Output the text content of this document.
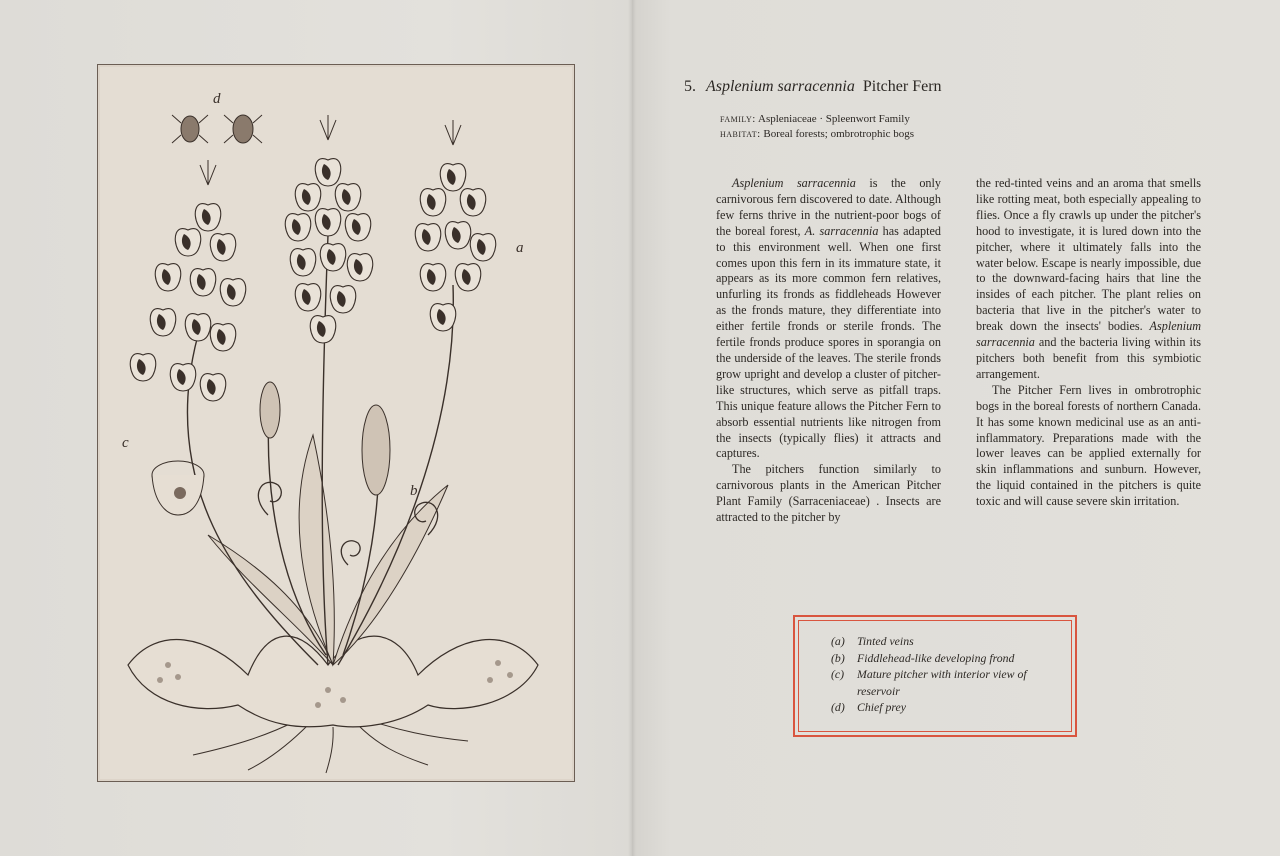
a
b
c
d
5. Asplenium sarracennia Pitcher Fern
family: Aspleniaceae · Spleenwort Family
habitat: Boreal forests; ombrotrophic bogs

Asplenium sarracennia is the only carnivorous fern discovered to date. Although few ferns thrive in the nutrient-poor bogs of the boreal forest, A. sarracennia has adapted to this environment well. When one first comes upon this fern in its immature state, it appears as its more common fern relatives, unfurling its fronds as fiddleheads However as the fronds mature, they differentiate into either fertile fronds or sterile fronds. The fertile fronds produce spores in sporangia on the underside of the leaves. The sterile fronds grow upright and develop a cluster of pitcher-like structures, which serve as pitfall traps. This unique feature allows the Pitcher Fern to absorb essential nutrients like nitrogen from the insects (typically flies) it attracts and captures.

The pitchers function similarly to carnivorous plants in the American Pitcher Plant Family (Sarraceniaceae) . Insects are attracted to the pitcher by

the red-tinted veins and an aroma that smells like rotting meat, both especially appealing to flies. Once a fly crawls up under the pitcher's hood to investigate, it is lured down into the pitcher, where it ultimately falls into the water below. Escape is nearly impossible, due to the downward-facing hairs that line the insides of each pitcher. The plant relies on bacteria that live in the pitcher's water to break down the insects' bodies. Asplenium sarracennia and the bacteria living within its pitchers both benefit from this symbiotic arrangement.

The Pitcher Fern lives in ombrotrophic bogs in the boreal forests of northern Canada. It has some known medicinal use as an anti-inflammatory. Preparations made with the lower leaves can be applied externally for skin inflammations and sunburn. However, the liquid contained in the pitchers is quite toxic and will cause severe skin irritation.

(a)	Tinted veins
(b)	Fiddlehead-like developing frond
(c)	Mature pitcher with interior view of reservoir
(d)	Chief prey
